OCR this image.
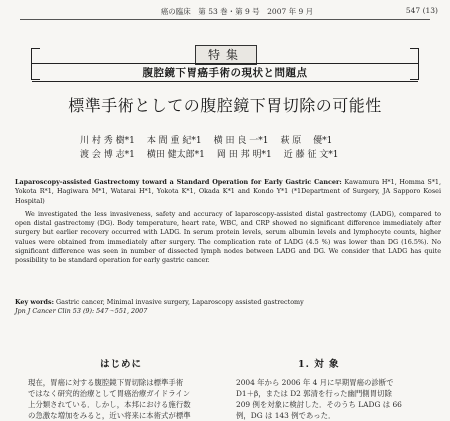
癌の臨床　第 53 巻・第 9 号　2007 年 9 月	547 (13)
特集
腹腔鏡下胃癌手術の現状と問題点
標準手術としての腹腔鏡下胃切除の可能性
川 村 秀 樹*1 本 間 重 紀*1 横 田 良 一*1 萩 原　 優*1
渡 会 博 志*1 横田 健太郎*1 岡 田 邦 明*1 近 藤 征 文*1

Laparoscopy-assisted Gastrectomy toward a Standard Operation for Early Gastric Cancer: Kawamura H*1, Homma S*1, Yokota R*1, Hagiwara M*1, Watarai H*1, Yokota K*1, Okada K*1 and Kondo Y*1 (*1Department of Surgery, JA Sapporo Kosei Hospital)

We investigated the less invasiveness, safety and accuracy of laparoscopy-assisted distal gastrectomy (LADG), compared to open distal gastrectomy (DG). Body temperature, heart rate, WBC, and CRP showed no significant difference immediately after surgery but earlier recovery occurred with LADG. In serum protein levels, serum albumin levels and lymphocyte counts, higher values were obtained from immediately after surgery. The complication rate of LADG (4.5 %) was lower than DG (16.5%). No significant difference was seen in number of dissected lymph nodes between LADG and DG. We consider that LADG has quite possibility to be standard operation for early gastric cancer.

Key words: Gastric cancer, Minimal invasive surgery, Laparoscopy assisted gastrectomy
Jpn J Cancer Clin 53 (9): 547～551, 2007
はじめに	1. 対 象
現在，胃癌に対する腹腔鏡下胃切除は標準手術
ではなく研究的治療として胃癌治療ガイドライン
上分類されている．しかし，本邦における施行数
の急激な増加をみると，近い将来に本術式が標準
2004 年から 2006 年 4 月に早期胃癌の診断で
D1＋β，または D2 郭清を行った幽門側胃切除
209 例を対象に検討した．そのうち LADG は 66
例，DG は 143 例であった．
